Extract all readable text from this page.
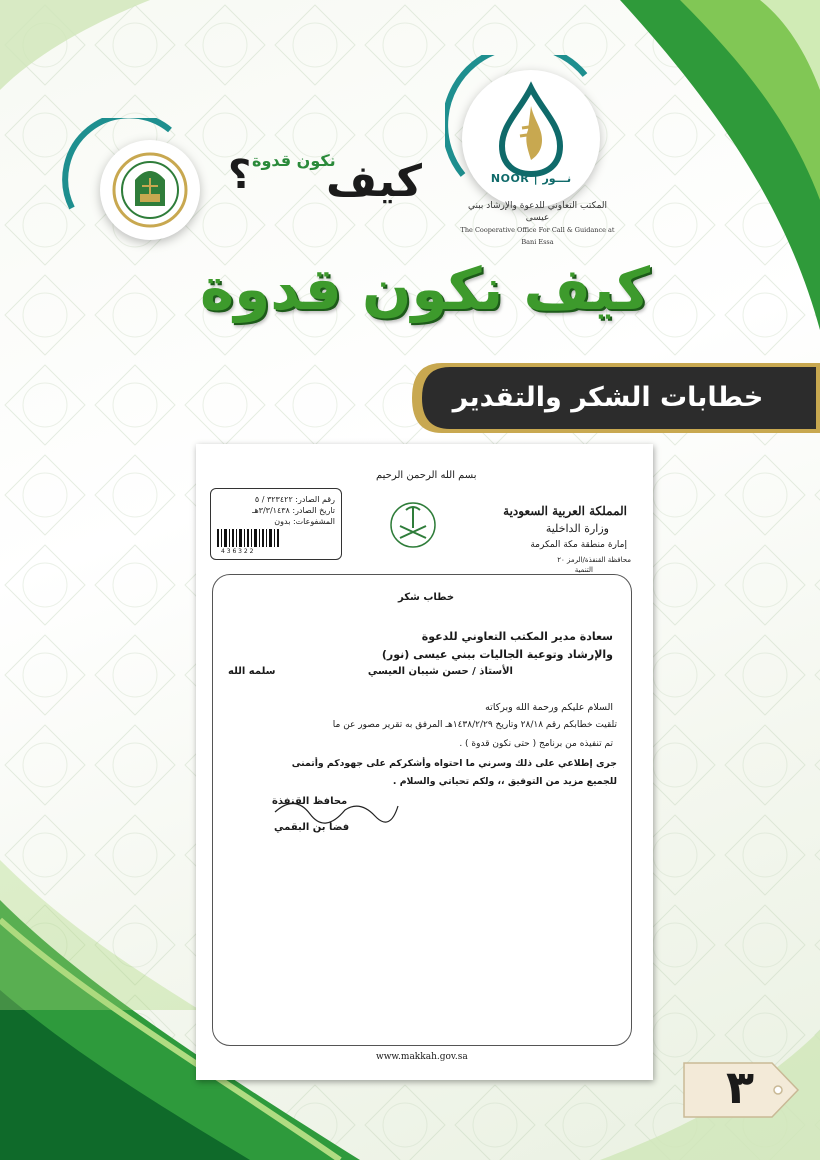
NOOR | نـــور
المكتب التعاوني للدعوة والإرشاد ببني عيسى
The Cooperative Office For Call & Guidance at Bani Essa
كيف
نكون قدوة
؟
كيف نكون قدوة
خطابات الشكر والتقدير
رقم الصادر: ٣٢٣٤٢٢ / ٥
تاريخ الصادر: ٣/٣/١٤٣٨هـ
المشفوعات: بدون
4 3 6 3 2 2
بسم الله الرحمن الرحيم
المملكة العربية السعودية
وزارة الداخلية
إمارة منطقة مكة المكرمة
محافظة القنفذة/الرمز ٢٠
التنمية
خطاب شكر
سعادة مدير المكتب التعاوني للدعوة
والإرشاد وتوعية الجاليات ببني عيسى (نور)
الأستاذ / حسن شيبان العيسي
سلمه الله
السلام عليكم ورحمة الله وبركاته
تلقيت خطابكم رقم ٢٨/١٨ وتاريخ ١٤٣٨/٢/٢٩هـ المرفق به تقرير مصور عن ما
تم تنفيذه من برنامج ( حتى نكون قدوة ) .
جرى إطلاعي على ذلك وسرني ما احتواه وأشكركم على جهودكم وأتمنى
للجميع مزيد من التوفيق ،، ولكم تحياتي والسلام .
محافظ القنفذة
فضا بن البقمي
www.makkah.gov.sa
٣
